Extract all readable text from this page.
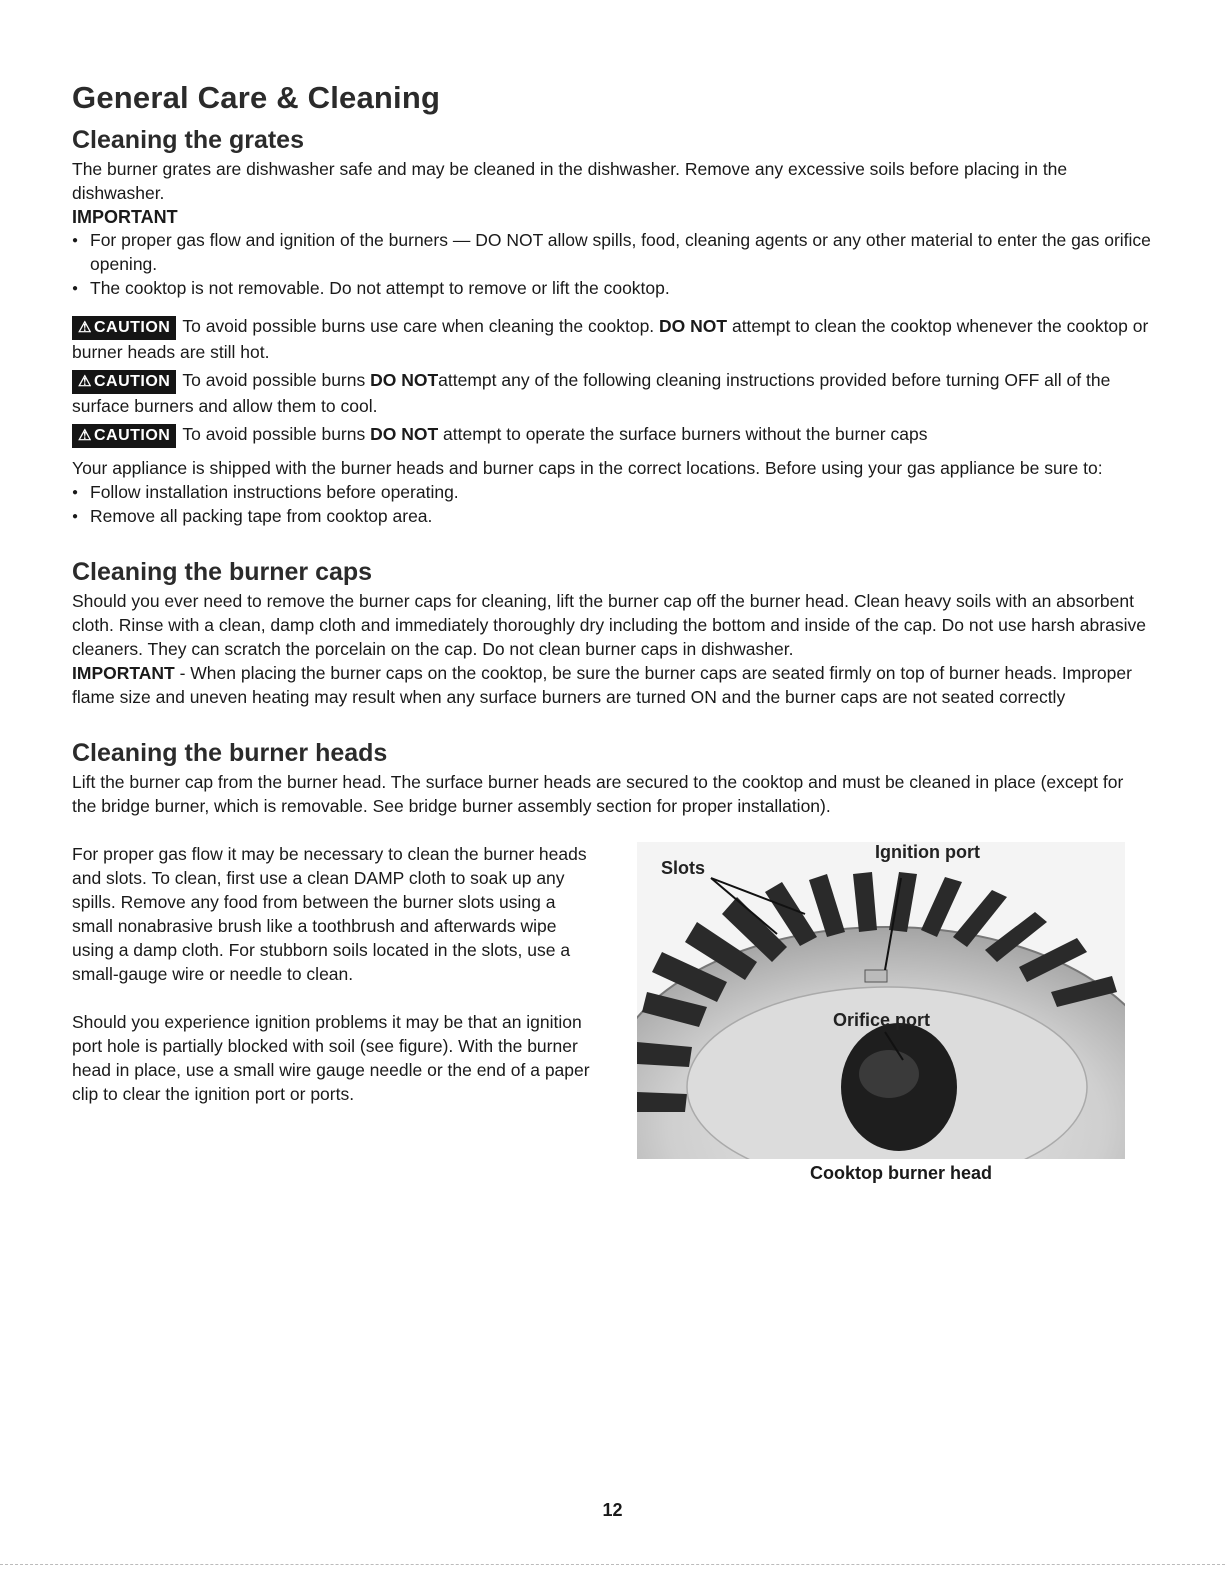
General Care & Cleaning
Cleaning the grates

The burner grates are dishwasher safe and may be cleaned in the dishwasher. Remove any excessive soils before placing in the dishwasher.

IMPORTANT
● For proper gas flow and ignition of the burners — DO NOT allow spills, food, cleaning agents or any other material to enter the gas orifice opening.
● The cooktop is not removable. Do not attempt to remove or lift the cooktop.
⚠ CAUTION To avoid possible burns use care when cleaning the cooktop. DO NOT attempt to clean the cooktop whenever the cooktop or burner heads are still hot.
⚠ CAUTION To avoid possible burns DO NOTattempt any of the following cleaning instructions provided before turning OFF all of the surface burners and allow them to cool.
⚠ CAUTION To avoid possible burns DO NOT attempt to operate the surface burners without the burner caps

Your appliance is shipped with the burner heads and burner caps in the correct locations. Before using your gas appliance be sure to:

● Follow installation instructions before operating.
● Remove all packing tape from cooktop area.
Cleaning the burner caps

Should you ever need to remove the burner caps for cleaning, lift the burner cap off the burner head. Clean heavy soils with an absorbent cloth. Rinse with a clean, damp cloth and immediately thoroughly dry including the bottom and inside of the cap. Do not use harsh abrasive cleaners. They can scratch the porcelain on the cap. Do not clean burner caps in dishwasher.

IMPORTANT - When placing the burner caps on the cooktop, be sure the burner caps are seated firmly on top of burner heads. Improper flame size and uneven heating may result when any surface burners are turned ON and the burner caps are not seated correctly

Cleaning the burner heads

Lift the burner cap from the burner head. The surface burner heads are secured to the cooktop and must be cleaned in place (except for the bridge burner, which is removable. See bridge burner assembly section for proper installation).

For proper gas flow it may be necessary to clean the burner heads and slots. To clean, first use a clean DAMP cloth to soak up any spills. Remove any food from between the burner slots using a small nonabrasive brush like a toothbrush and afterwards wipe using a damp cloth. For stubborn soils located in the slots, use a small-gauge wire or needle to clean.

Should you experience ignition problems it may be that an ignition port hole is partially blocked with soil (see figure). With the burner head in place, use a small wire gauge needle or the end of a paper clip to clear the ignition port or ports.

Slots
Ignition port
Orifice port
Cooktop burner head
12
